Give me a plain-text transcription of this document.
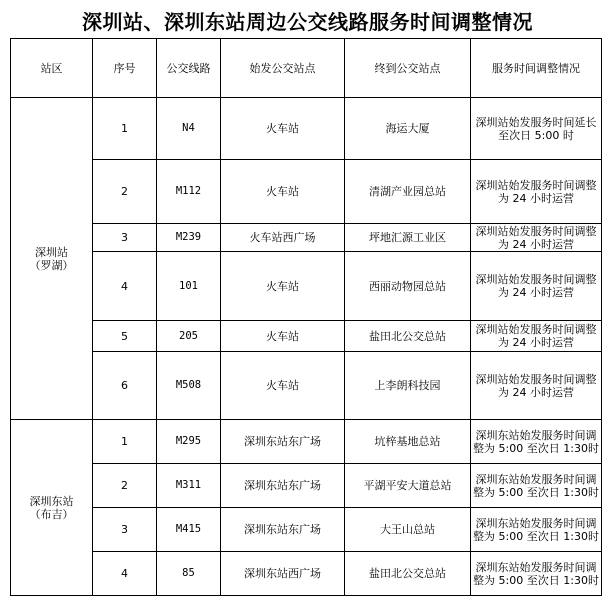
深圳站、深圳东站周边公交线路服务时间调整情况
站区	序号	公交线路	始发公交站点	终到公交站点	服务时间调整情况

深圳站
（罗湖）	1	N4	火车站	海运大厦	深圳站始发服务时间延长至次日 5:00 时
	2	M112	火车站	清湖产业园总站	深圳站始发服务时间调整为 24 小时运营
	3	M239	火车站西广场	坪地汇源工业区	深圳站始发服务时间调整为 24 小时运营
	4	101	火车站	西丽动物园总站	深圳站始发服务时间调整为 24 小时运营
	5	205	火车站	盐田北公交总站	深圳站始发服务时间调整为 24 小时运营
	6	M508	火车站	上李朗科技园	深圳站始发服务时间调整为 24 小时运营

深圳东站
（布吉）	1	M295	深圳东站东广场	坑梓基地总站	深圳东站始发服务时间调整为 5:00 至次日 1:30时
	2	M311	深圳东站东广场	平湖平安大道总站	深圳东站始发服务时间调整为 5:00 至次日 1:30时
	3	M415	深圳东站东广场	大王山总站	深圳东站始发服务时间调整为 5:00 至次日 1:30时
	4	85	深圳东站西广场	盐田北公交总站	深圳东站始发服务时间调整为 5:00 至次日 1:30时
